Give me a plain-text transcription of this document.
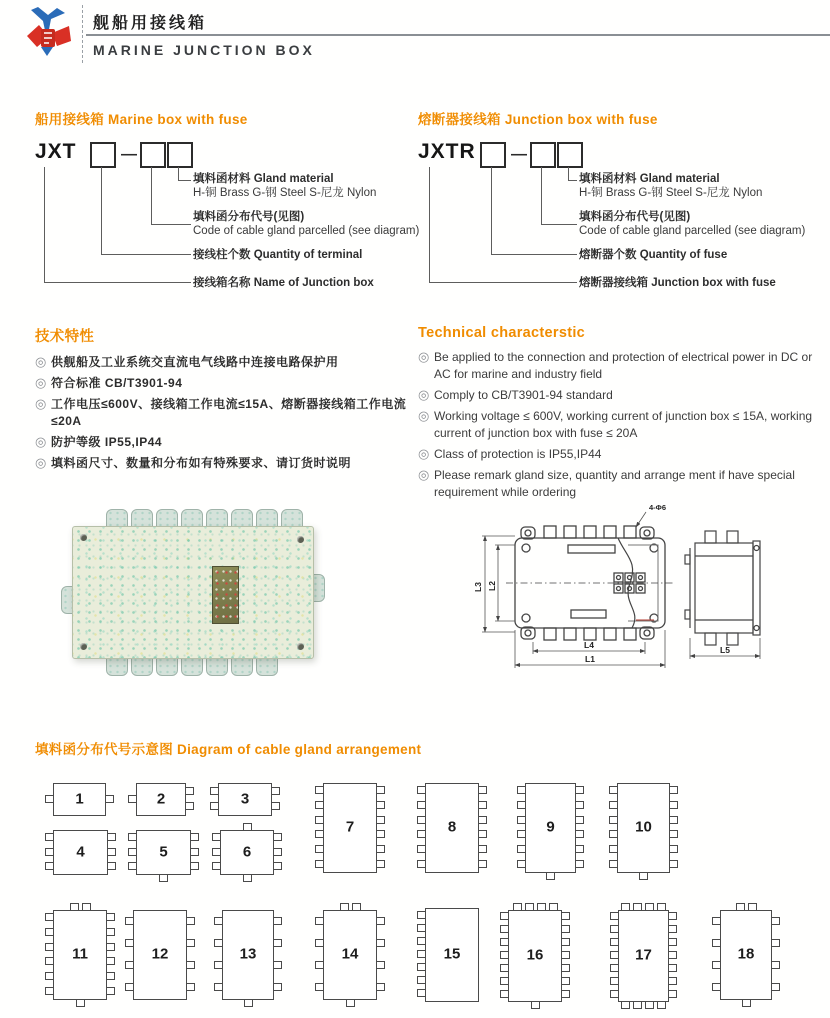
舰船用接线箱
MARINE JUNCTION BOX
船用接线箱 Marine box with fuse	熔断器接线箱 Junction box with fuse
JXT	—
填料函材料 Gland material
H-铜 Brass G-钢 Steel S-尼龙 Nylon
填料函分布代号(见图)
Code of cable gland parcelled (see diagram)
接线柱个数 Quantity of terminal
接线箱名称 Name of Junction box
JXTR —
填料函材料 Gland material
H-铜 Brass G-钢 Steel S-尼龙 Nylon
填料函分布代号(见图)
Code of cable gland parcelled (see diagram)
熔断器个数 Quantity of fuse
熔断器接线箱 Junction box with fuse
技术特性
◎ 供舰船及工业系统交直流电气线路中连接电路保护用
◎ 符合标准 CB/T3901-94
◎ 工作电压≤600V、接线箱工作电流≤15A、熔断器接线箱工作电流≤20A
◎ 防护等级 IP55,IP44
◎ 填料函尺寸、数量和分布如有特殊要求、请订货时说明
Technical characterstic
◎ Be applied to the connection and protection of electrical power in DC or AC for marine and industry field
◎ Comply to CB/T3901-94 standard
◎ Working voltage ≤ 600V, working current of junction box ≤ 15A, working current of junction box with fuse ≤ 20A
◎ Class of protection is IP55,IP44
◎ Please remark gland size, quantity and arrange ment if have special requirement while ordering
L3 L2
L1
L4	L5
4-Φ6
填料函分布代号示意图 Diagram of cable gland arrangement
1	2	3
4	5	6
7	8	9	10
11	12	13	14	15	16	17	18
